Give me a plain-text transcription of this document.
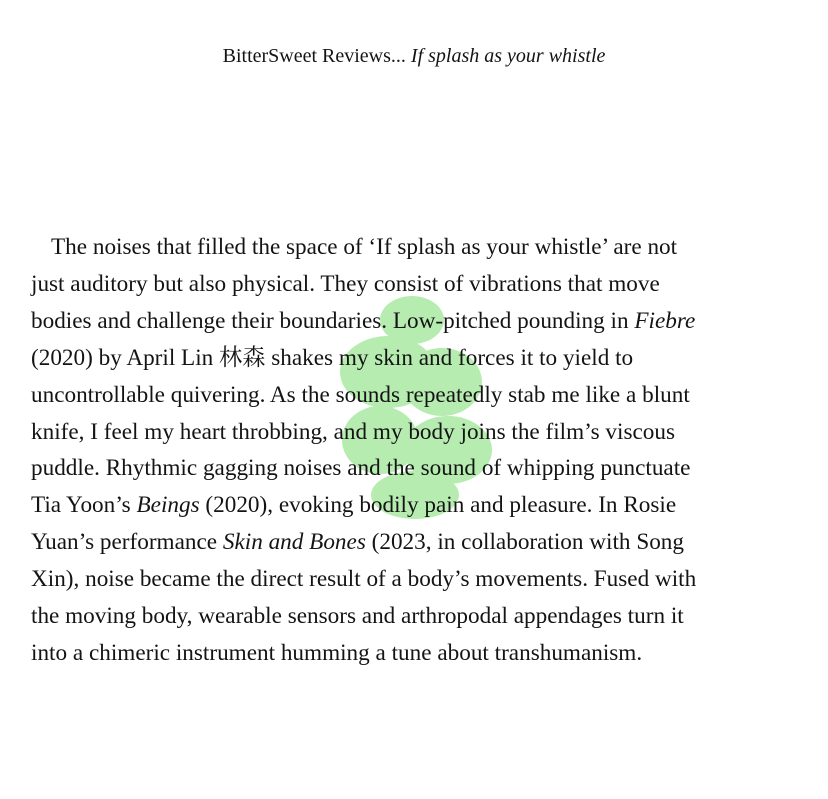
BitterSweet Reviews... If splash as your whistle
The noises that filled the space of ‘If splash as your whistle’ are not
just auditory but also physical. They consist of vibrations that move
bodies and challenge their boundaries. Low-pitched pounding in Fiebre
(2020) by April Lin 林森 shakes my skin and forces it to yield to
uncontrollable quivering. As the sounds repeatedly stab me like a blunt
knife, I feel my heart throbbing, and my body joins the film’s viscous
puddle. Rhythmic gagging noises and the sound of whipping punctuate
Tia Yoon’s Beings (2020), evoking bodily pain and pleasure. In Rosie
Yuan’s performance Skin and Bones (2023, in collaboration with Song
Xin), noise became the direct result of a body’s movements. Fused with
the moving body, wearable sensors and arthropodal appendages turn it
into a chimeric instrument humming a tune about transhumanism.
